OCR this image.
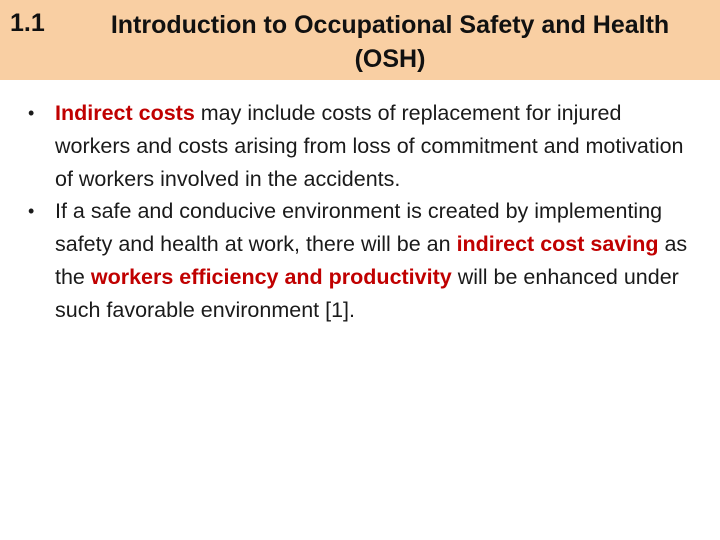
1.1	Introduction to Occupational Safety and Health
(OSH)
• Indirect costs may include costs of replacement for injured workers and costs arising from loss of commitment and motivation of workers involved in the accidents.
• If a safe and conducive environment is created by implementing safety and health at work, there will be an indirect cost saving as the workers efficiency and productivity will be enhanced under such favorable environment [1].
